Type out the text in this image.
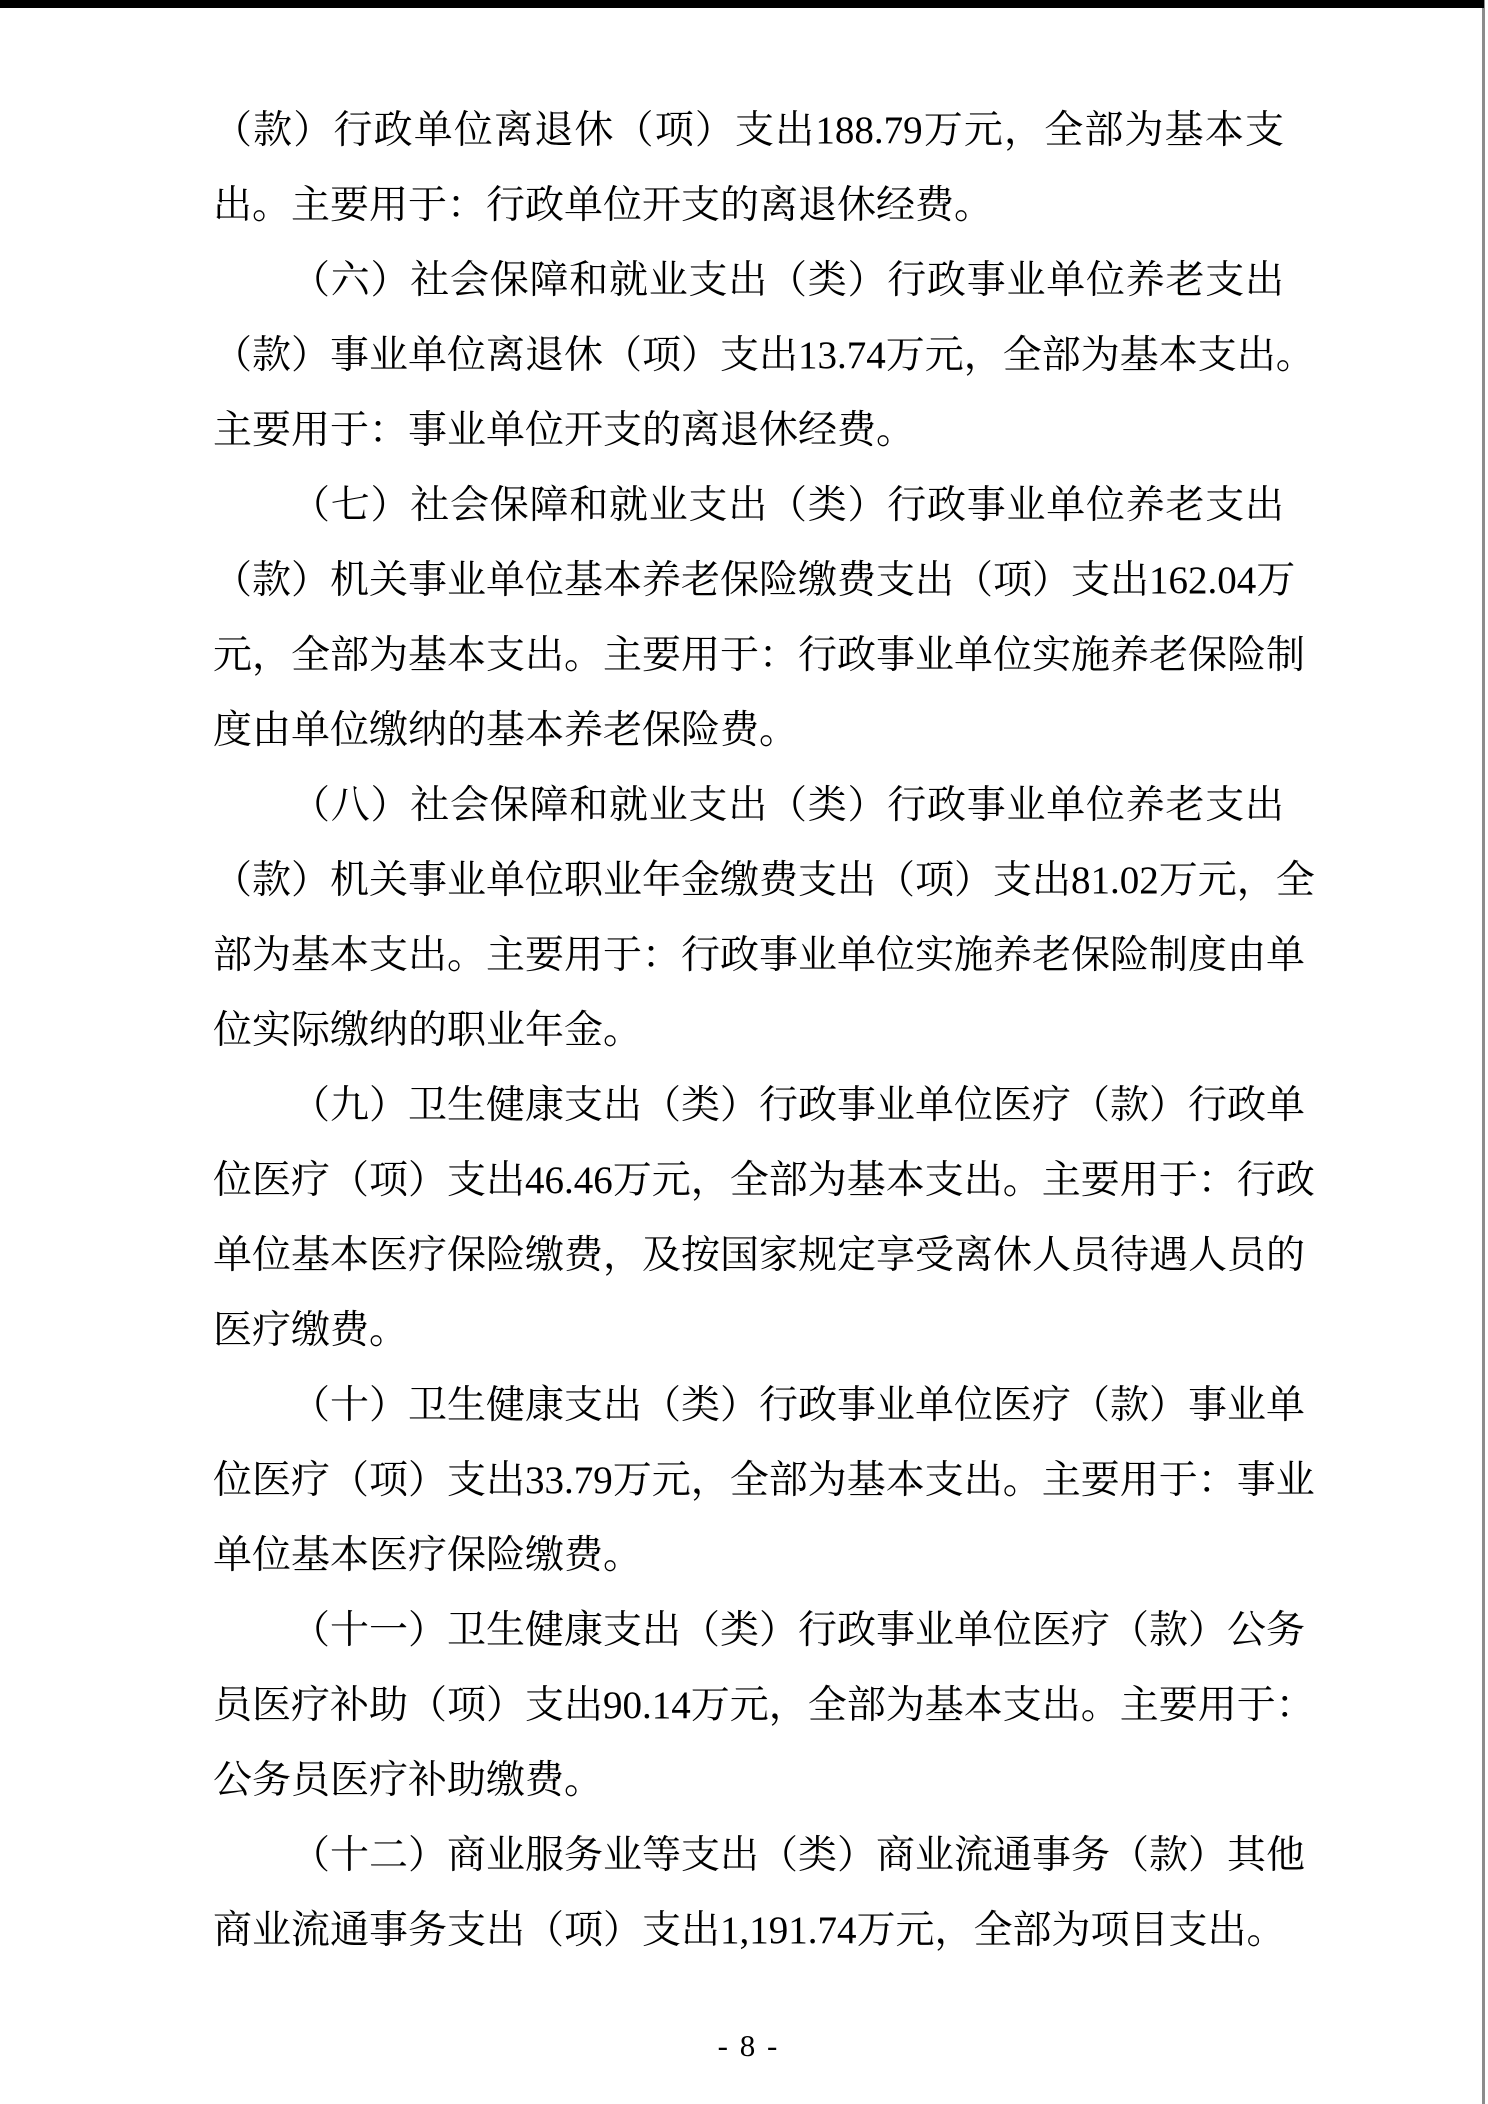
（款）行政单位离退休（项）支出188.79万元，全部为基本支
出。主要用于：行政单位开支的离退休经费。
（六）社会保障和就业支出（类）行政事业单位养老支出
（款）事业单位离退休（项）支出13.74万元，全部为基本支出。
主要用于：事业单位开支的离退休经费。
（七）社会保障和就业支出（类）行政事业单位养老支出
（款）机关事业单位基本养老保险缴费支出（项）支出162.04万
元，全部为基本支出。主要用于：行政事业单位实施养老保险制
度由单位缴纳的基本养老保险费。
（八）社会保障和就业支出（类）行政事业单位养老支出
（款）机关事业单位职业年金缴费支出（项）支出81.02万元，全
部为基本支出。主要用于：行政事业单位实施养老保险制度由单
位实际缴纳的职业年金。
（九）卫生健康支出（类）行政事业单位医疗（款）行政单
位医疗（项）支出46.46万元，全部为基本支出。主要用于：行政
单位基本医疗保险缴费，及按国家规定享受离休人员待遇人员的
医疗缴费。
（十）卫生健康支出（类）行政事业单位医疗（款）事业单
位医疗（项）支出33.79万元，全部为基本支出。主要用于：事业
单位基本医疗保险缴费。
（十一）卫生健康支出（类）行政事业单位医疗（款）公务
员医疗补助（项）支出90.14万元，全部为基本支出。主要用于：
公务员医疗补助缴费。
（十二）商业服务业等支出（类）商业流通事务（款）其他
商业流通事务支出（项）支出1,191.74万元，全部为项目支出。
- 8 -
